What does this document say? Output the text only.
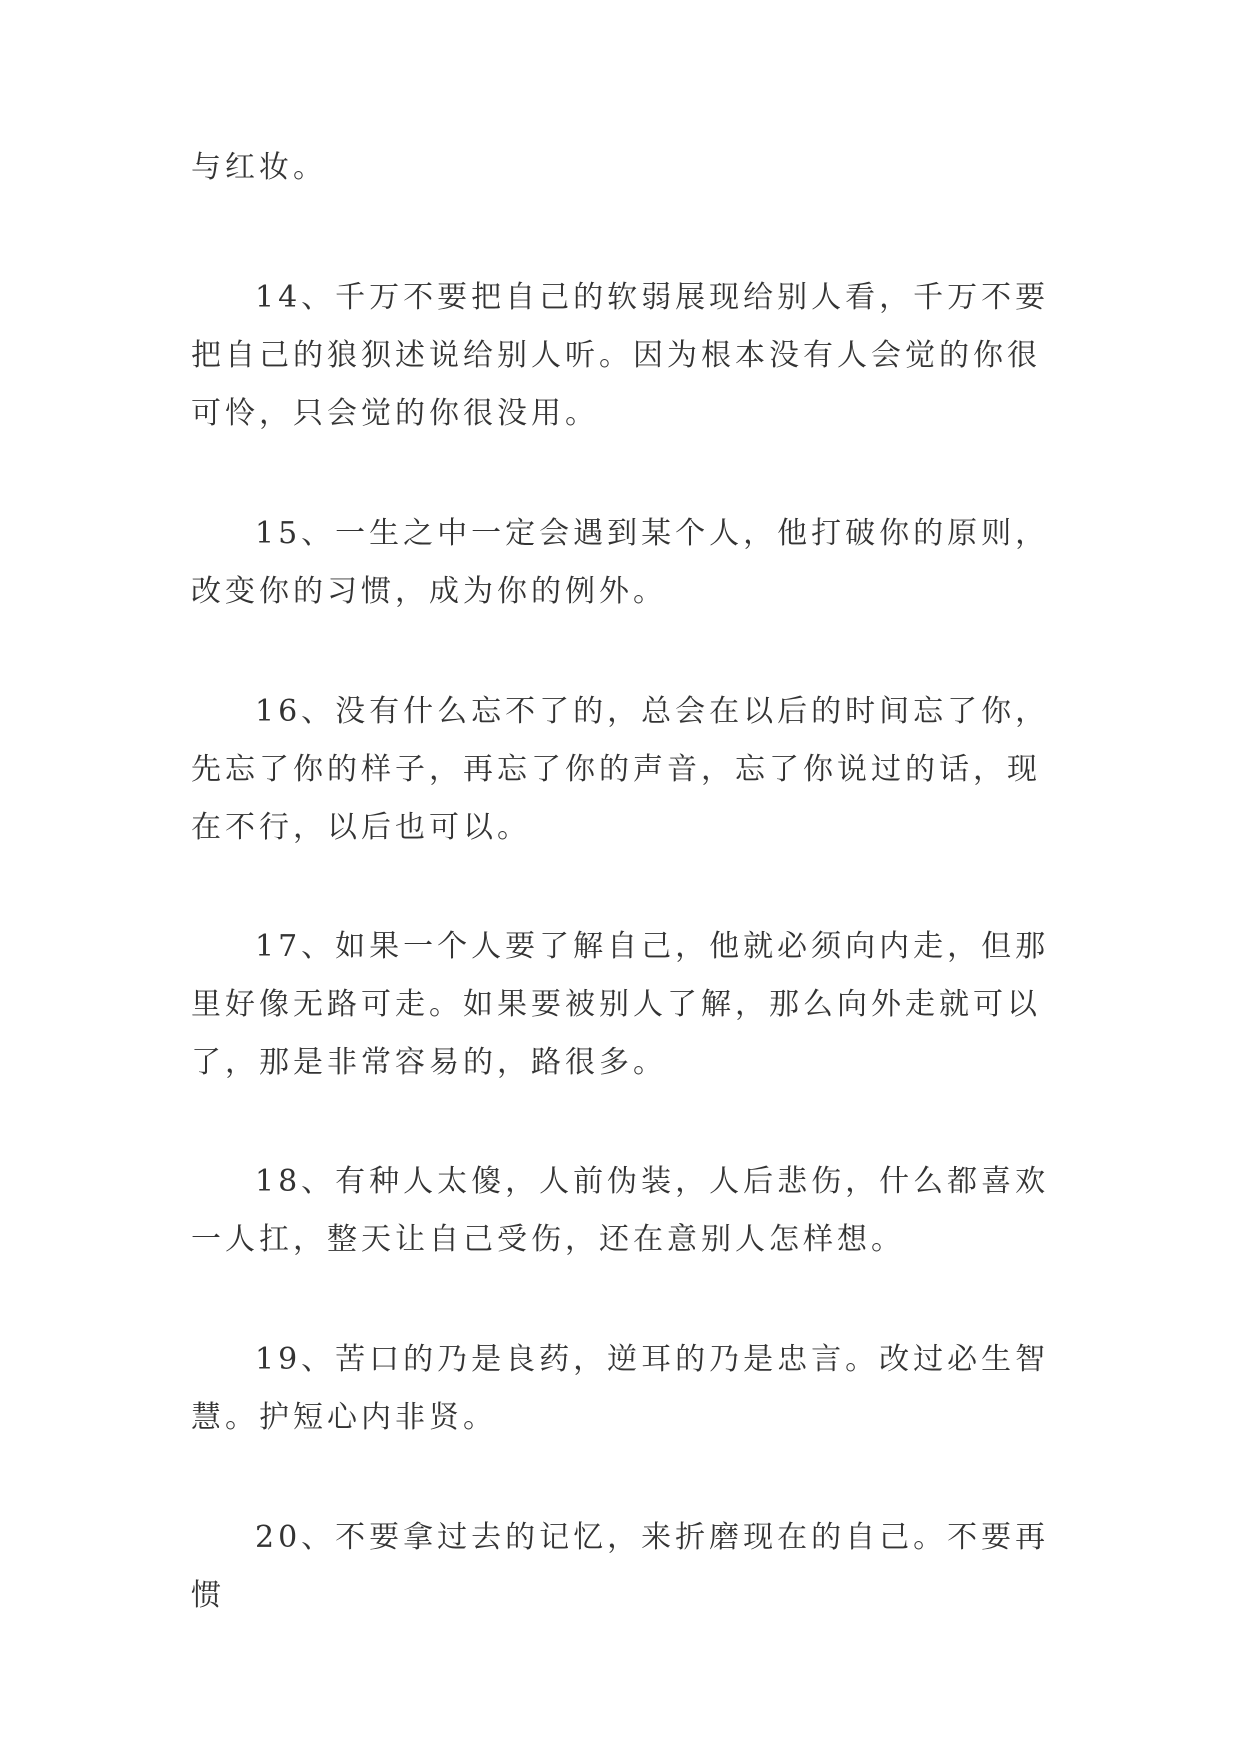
与红妆。

14、千万不要把自己的软弱展现给别人看，千万不要把自己的狼狈述说给别人听。因为根本没有人会觉的你很可怜，只会觉的你很没用。

15、一生之中一定会遇到某个人，他打破你的原则，改变你的习惯，成为你的例外。

16、没有什么忘不了的，总会在以后的时间忘了你，先忘了你的样子，再忘了你的声音，忘了你说过的话，现在不行，以后也可以。

17、如果一个人要了解自己，他就必须向内走，但那里好像无路可走。如果要被别人了解，那么向外走就可以了，那是非常容易的，路很多。

18、有种人太傻，人前伪装，人后悲伤，什么都喜欢一人扛，整天让自己受伤，还在意别人怎样想。

19、苦口的乃是良药，逆耳的乃是忠言。改过必生智慧。护短心内非贤。

20、不要拿过去的记忆，来折磨现在的自己。不要再惯
